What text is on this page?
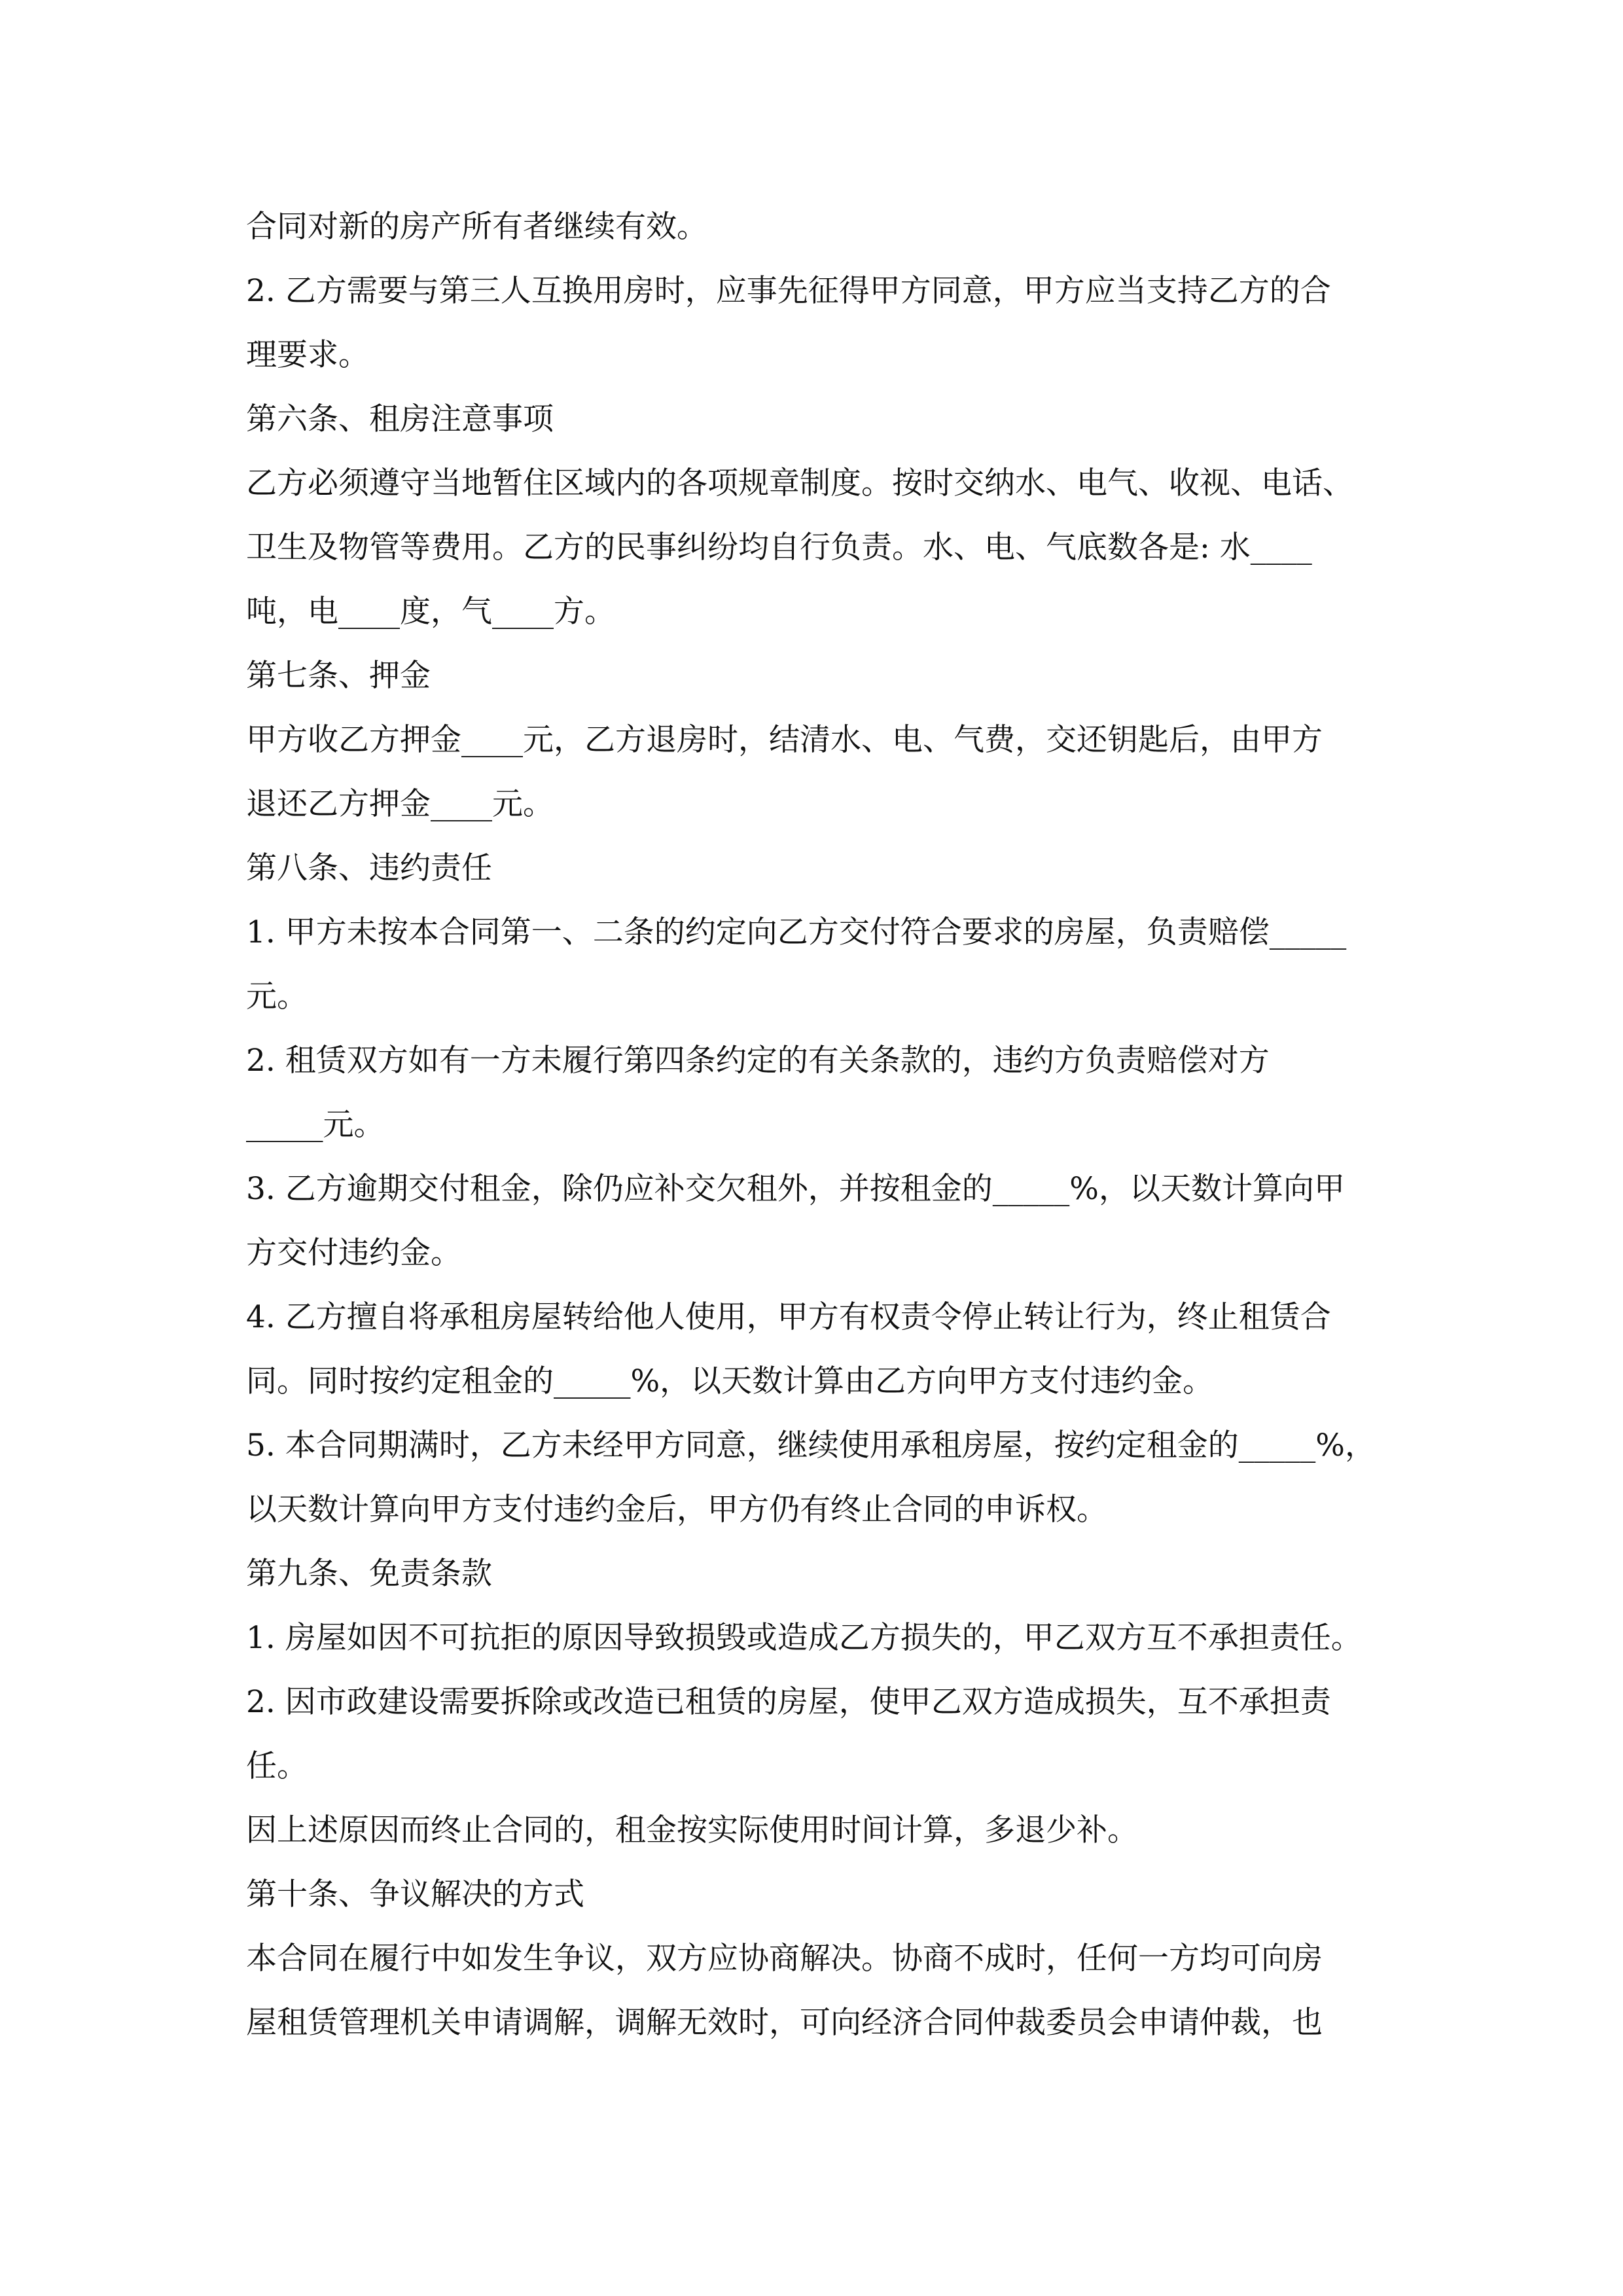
合同对新的房产所有者继续有效。
2. 乙方需要与第三人互换用房时，应事先征得甲方同意，甲方应当支持乙方的合
理要求。
第六条、租房注意事项
乙方必须遵守当地暂住区域内的各项规章制度。按时交纳水、电气、收视、电话、
卫生及物管等费用。乙方的民事纠纷均自行负责。水、电、气底数各是: 水____
吨，电____度，气____方。
第七条、押金
甲方收乙方押金____元，乙方退房时，结清水、电、气费，交还钥匙后，由甲方
退还乙方押金____元。
第八条、违约责任
1. 甲方未按本合同第一、二条的约定向乙方交付符合要求的房屋，负责赔偿_____
元。
2. 租赁双方如有一方未履行第四条约定的有关条款的，违约方负责赔偿对方
_____元。
3. 乙方逾期交付租金，除仍应补交欠租外，并按租金的_____%，以天数计算向甲
方交付违约金。
4. 乙方擅自将承租房屋转给他人使用，甲方有权责令停止转让行为，终止租赁合
同。同时按约定租金的_____%，以天数计算由乙方向甲方支付违约金。
5. 本合同期满时，乙方未经甲方同意，继续使用承租房屋，按约定租金的_____%，
以天数计算向甲方支付违约金后，甲方仍有终止合同的申诉权。
第九条、免责条款
1. 房屋如因不可抗拒的原因导致损毁或造成乙方损失的，甲乙双方互不承担责任。
2. 因市政建设需要拆除或改造已租赁的房屋，使甲乙双方造成损失，互不承担责
任。
因上述原因而终止合同的，租金按实际使用时间计算，多退少补。
第十条、争议解决的方式
本合同在履行中如发生争议，双方应协商解决。协商不成时，任何一方均可向房
屋租赁管理机关申请调解，调解无效时，可向经济合同仲裁委员会申请仲裁，也
